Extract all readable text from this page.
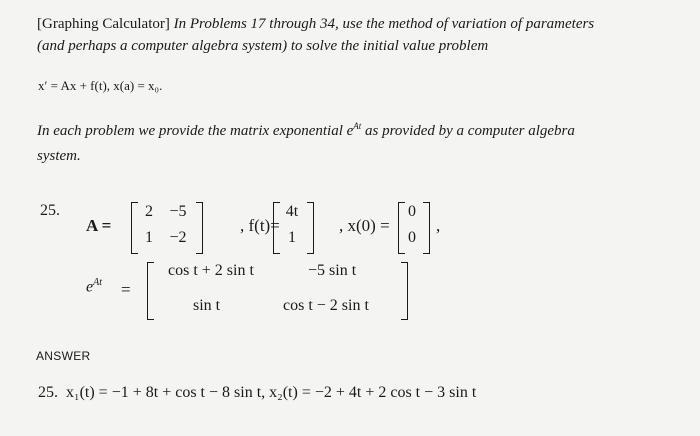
[Graphing Calculator] In Problems 17 through 34, use the method of variation of parameters
(and perhaps a computer algebra system) to solve the initial value problem
x′ = Ax + f(t), x(a) = x₀.
In each problem we provide the matrix exponential $e^{At}$ as provided by a computer algebra
system.
25.
A =
2 −5
1 −2
, f(t)=
4t
1
, x(0) =
0
0
,
$e^{At}$ =
cos t + 2 sin t	−5 sin t
sin t	cos t − 2 sin t
ANSWER
25. x₁(t) = −1 + 8t + cos t − 8 sin t, x₂(t) = −2 + 4t + 2 cos t − 3 sin t
